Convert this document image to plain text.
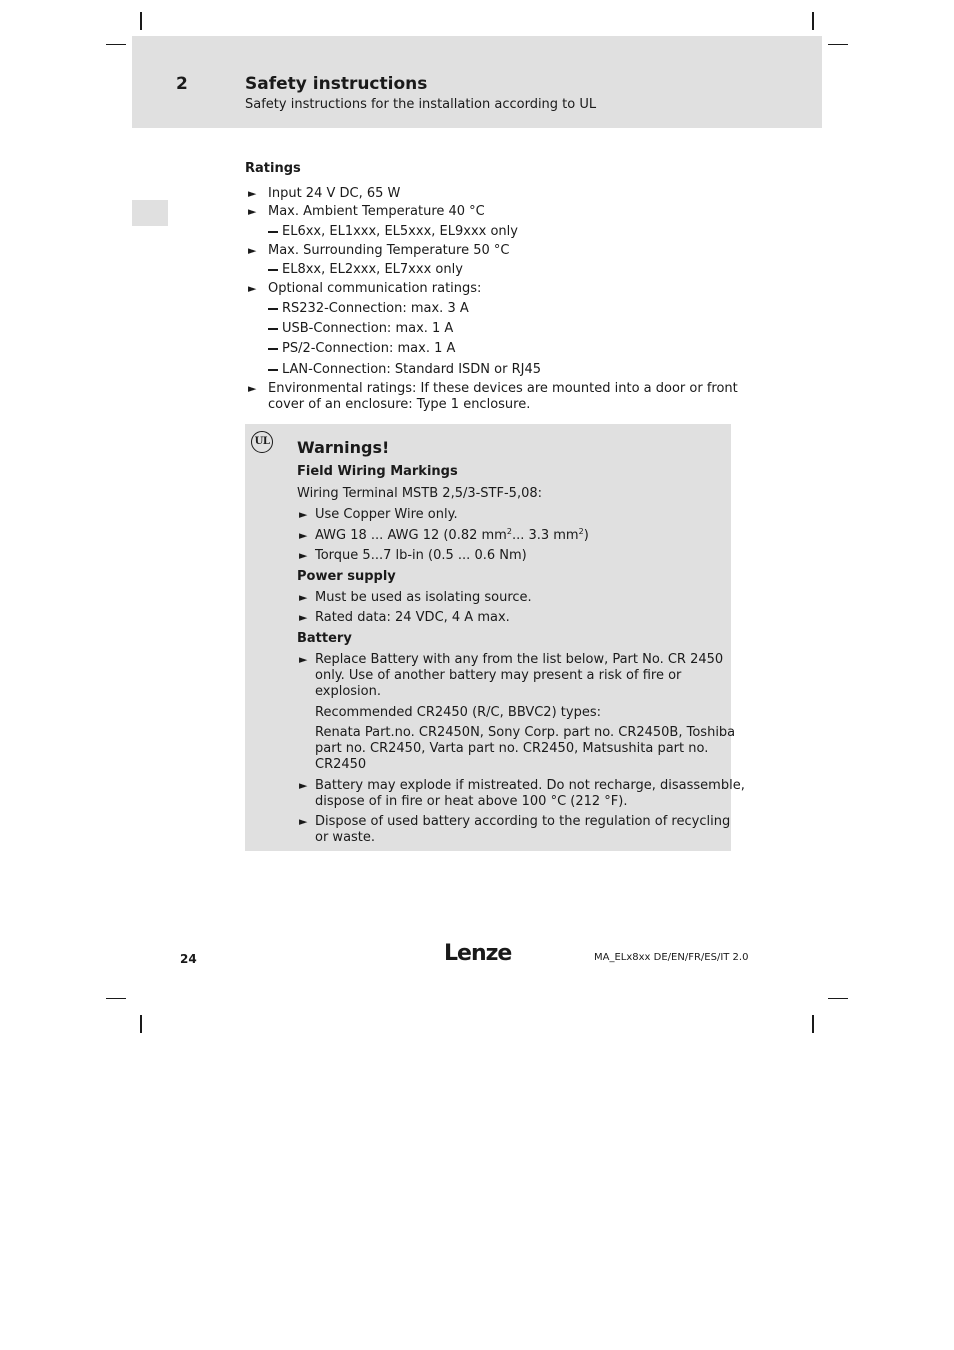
2	Safety instructions
Safety instructions for the installation according to UL
Ratings
► Input 24 V DC, 65 W
► Max. Ambient Temperature 40 °C
EL6xx, EL1xxx, EL5xxx, EL9xxx only
► Max. Surrounding Temperature 50 °C
EL8xx, EL2xxx, EL7xxx only
► Optional communication ratings:
RS232-Connection: max. 3 A
USB-Connection: max. 1 A
PS/2-Connection: max. 1 A
LAN-Connection: Standard ISDN or RJ45
► Environmental ratings: If these devices are mounted into a door or front
cover of an enclosure: Type 1 enclosure.
UL Warnings!
Field Wiring Markings
Wiring Terminal MSTB 2,5/3-STF-5,08:
► Use Copper Wire only.
► AWG 18 ... AWG 12 (0.82 $mm^2$... 3.3 $mm^2$)
► Torque 5...7 lb-in (0.5 ... 0.6 Nm)
Power supply
► Must be used as isolating source.
► Rated data: 24 VDC, 4 A max.
Battery
► Replace Battery with any from the list below, Part No. CR 2450
only. Use of another battery may present a risk of fire or
explosion.
Recommended CR2450 (R/C, BBVC2) types:
Renata Part.no. CR2450N, Sony Corp. part no. CR2450B, Toshiba
part no. CR2450, Varta part no. CR2450, Matsushita part no.
CR2450
► Battery may explode if mistreated. Do not recharge, disassemble,
dispose of in fire or heat above 100 °C (212 °F).
► Dispose of used battery according to the regulation of recycling
or waste.
24	Lenze	MA_ELx8xx DE/EN/FR/ES/IT 2.0
